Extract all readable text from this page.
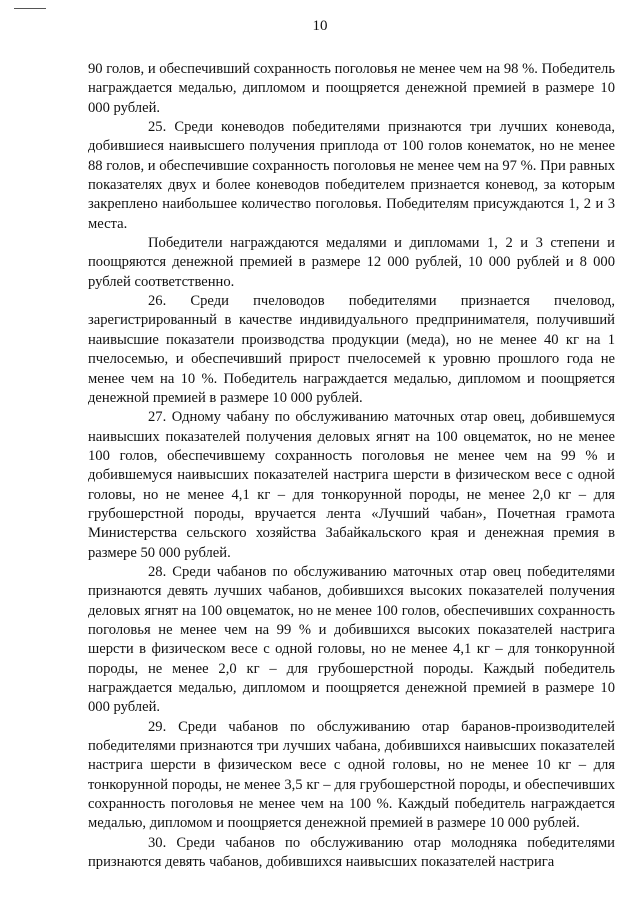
10

90 голов, и обеспечивший сохранность поголовья не менее чем на 98 %. Победитель награждается медалью, дипломом и поощряется денежной премией в размере 10 000 рублей.

25. Среди коневодов победителями признаются три лучших коневода, добившиеся наивысшего получения приплода от 100 голов конематок, но не менее 88 голов, и обеспечившие сохранность поголовья не менее чем на 97 %. При равных показателях двух и более коневодов победителем признается коневод, за которым закреплено наибольшее количество поголовья. Победителям присуждаются 1, 2 и 3 места.

Победители награждаются медалями и дипломами 1, 2 и 3 степени и поощряются денежной премией в размере 12 000 рублей, 10 000 рублей и 8 000 рублей соответственно.

26. Среди пчеловодов победителями признается пчеловод, зарегистрированный в качестве индивидуального предпринимателя, получивший наивысшие показатели производства продукции (меда), но не менее 40 кг на 1 пчелосемью, и обеспечивший прирост пчелосемей к уровню прошлого года не менее чем на 10 %. Победитель награждается медалью, дипломом и поощряется денежной премией в размере 10 000 рублей.

27. Одному чабану по обслуживанию маточных отар овец, добившемуся наивысших показателей получения деловых ягнят на 100 овцематок, но не менее 100 голов, обеспечившему сохранность поголовья не менее чем на 99 % и добившемуся наивысших показателей настрига шерсти в физическом весе с одной головы, но не менее 4,1 кг – для тонкорунной породы, не менее 2,0 кг – для грубошерстной породы, вручается лента «Лучший чабан», Почетная грамота Министерства сельского хозяйства Забайкальского края и денежная премия в размере 50 000 рублей.

28. Среди чабанов по обслуживанию маточных отар овец победителями признаются девять лучших чабанов, добившихся высоких показателей получения деловых ягнят на 100 овцематок, но не менее 100 голов, обеспечивших сохранность поголовья не менее чем на 99 % и добившихся высоких показателей настрига шерсти в физическом весе с одной головы, но не менее 4,1 кг – для тонкорунной породы, не менее 2,0 кг – для грубошерстной породы. Каждый победитель награждается медалью, дипломом и поощряется денежной премией в размере 10 000 рублей.

29. Среди чабанов по обслуживанию отар баранов-производителей победителями признаются три лучших чабана, добившихся наивысших показателей настрига шерсти в физическом весе с одной головы, но не менее 10 кг – для тонкорунной породы, не менее 3,5 кг – для грубошерстной породы, и обеспечивших сохранность поголовья не менее чем на 100 %. Каждый победитель награждается медалью, дипломом и поощряется денежной премией в размере 10 000 рублей.

30. Среди чабанов по обслуживанию отар молодняка победителями признаются девять чабанов, добившихся наивысших показателей настрига
